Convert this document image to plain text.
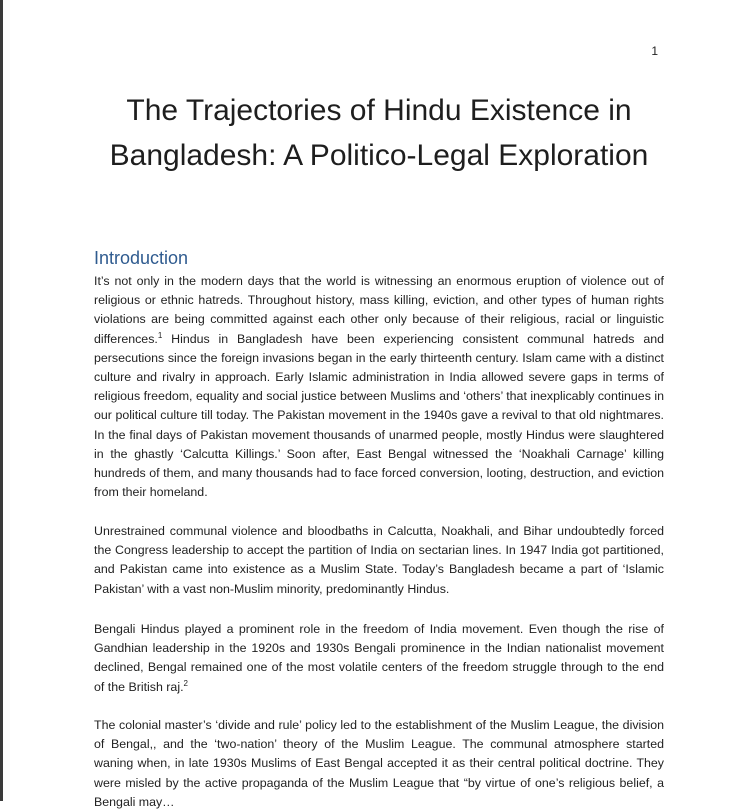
1
The Trajectories of Hindu Existence in
Bangladesh: A Politico-Legal Exploration
Introduction

It’s not only in the modern days that the world is witnessing an enormous eruption of violence out of religious or ethnic hatreds. Throughout history, mass killing, eviction, and other types of human rights violations are being committed against each other only because of their religious, racial or linguistic differences.$^1$ Hindus in Bangladesh have been experiencing consistent communal hatreds and persecutions since the foreign invasions began in the early thirteenth century. Islam came with a distinct culture and rivalry in approach. Early Islamic administration in India allowed severe gaps in terms of religious freedom, equality and social justice between Muslims and ‘others’ that inexplicably continues in our political culture till today. The Pakistan movement in the 1940s gave a revival to that old nightmares. In the final days of Pakistan movement thousands of unarmed people, mostly Hindus were slaughtered in the ghastly ‘Calcutta Killings.’ Soon after, East Bengal witnessed the ‘Noakhali Carnage’ killing hundreds of them, and many thousands had to face forced conversion, looting, destruction, and eviction from their homeland.

Unrestrained communal violence and bloodbaths in Calcutta, Noakhali, and Bihar undoubtedly forced the Congress leadership to accept the partition of India on sectarian lines. In 1947 India got partitioned, and Pakistan came into existence as a Muslim State. Today’s Bangladesh became a part of ‘Islamic Pakistan’ with a vast non-Muslim minority, predominantly Hindus.

Bengali Hindus played a prominent role in the freedom of India movement. Even though the rise of Gandhian leadership in the 1920s and 1930s Bengali prominence in the Indian nationalist movement declined, Bengal remained one of the most volatile centers of the freedom struggle through to the end of the British raj.$^2$

The colonial master’s ‘divide and rule’ policy led to the establishment of the Muslim League, the division of Bengal,, and the ‘two-nation’ theory of the Muslim League. The communal atmosphere started waning when, in late 1930s Muslims of East Bengal accepted it as their central political doctrine. They were misled by the active propaganda of the Muslim League that “by virtue of one’s religious belief, a Bengali may…
